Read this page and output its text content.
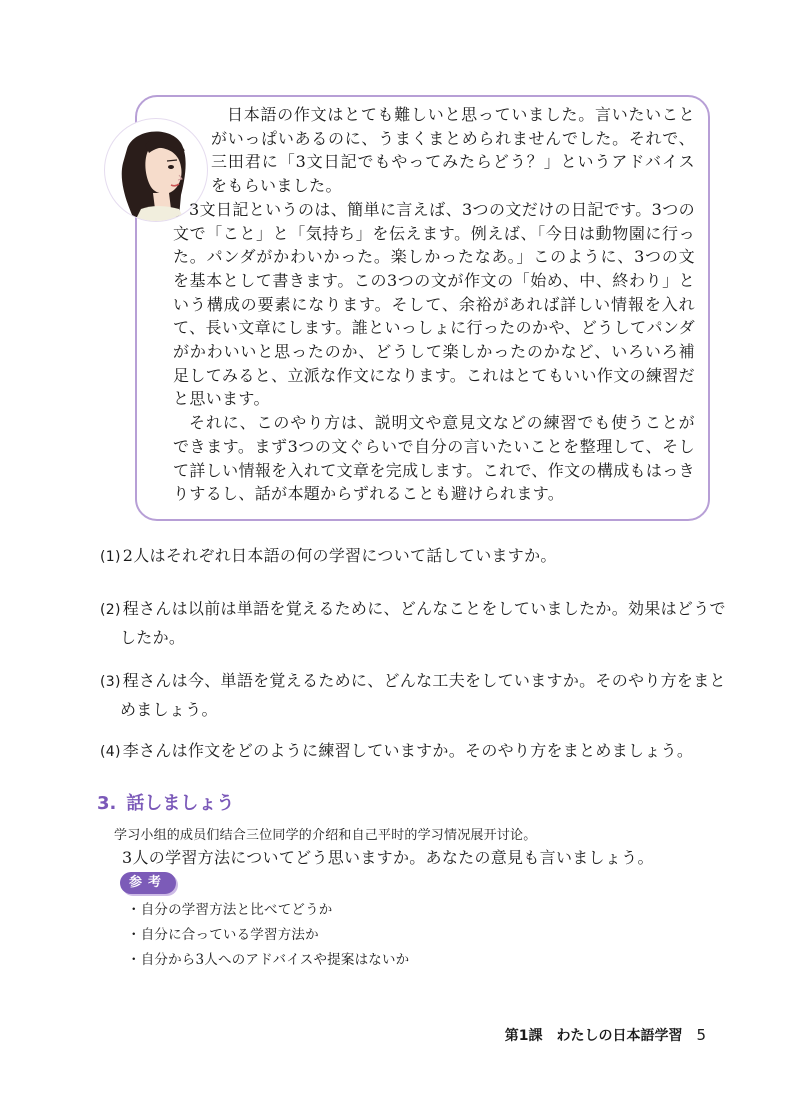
日本語の作文はとても難しいと思っていました。言いたいことがいっぱいあるのに、うまくまとめられませんでした。それで、三田君に「3文日記でもやってみたらどう？」というアドバイスをもらいました。

3文日記というのは、簡単に言えば、3つの文だけの日記です。3つの文で「こと」と「気持ち」を伝えます。例えば、「今日は動物園に行った。パンダがかわいかった。楽しかったなあ。」このように、3つの文を基本として書きます。この3つの文が作文の「始め、中、終わり」という構成の要素になります。そして、余裕があれば詳しい情報を入れて、長い文章にします。誰といっしょに行ったのかや、どうしてパンダがかわいいと思ったのか、どうして楽しかったのかなど、いろいろ補足してみると、立派な作文になります。これはとてもいい作文の練習だと思います。

それに、このやり方は、説明文や意見文などの練習でも使うことができます。まず3つの文ぐらいで自分の言いたいことを整理して、そして詳しい情報を入れて文章を完成します。これで、作文の構成もはっきりするし、話が本題からずれることも避けられます。

(1) 2人はそれぞれ日本語の何の学習について話していますか。
(2) 程さんは以前は単語を覚えるために、どんなことをしていましたか。効果はどうでしたか。
(3) 程さんは今、単語を覚えるために、どんな工夫をしていますか。そのやり方をまとめましょう。
(4) 李さんは作文をどのように練習していますか。そのやり方をまとめましょう。
3. 話しましょう
学习小组的成员们结合三位同学的介绍和自己平时的学习情况展开讨论。
3人の学習方法についてどう思いますか。あなたの意見も言いましょう。
参考
・自分の学習方法と比べてどうか
・自分に合っている学習方法か
・自分から3人へのアドバイスや提案はないか
第1課　わたしの日本語学習 5
